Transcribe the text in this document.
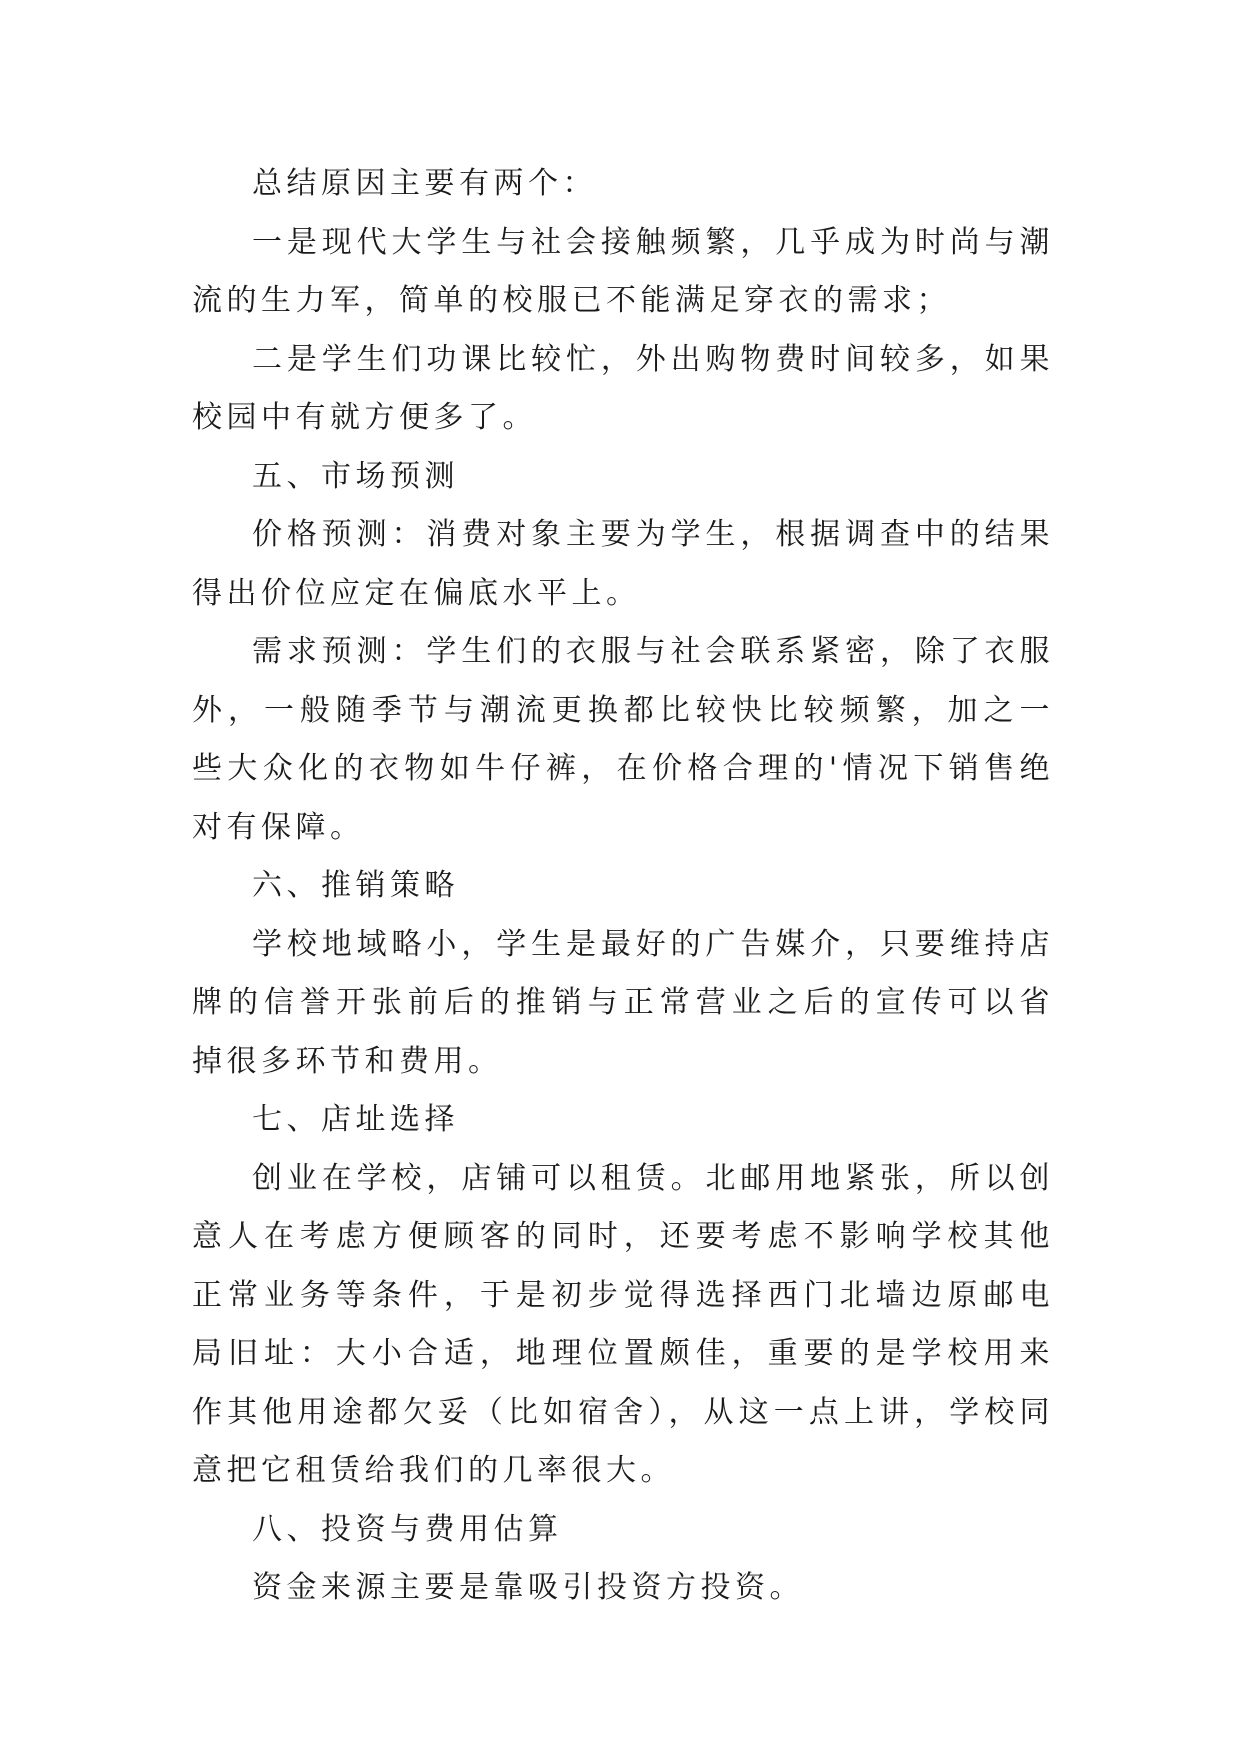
总结原因主要有两个：

一是现代大学生与社会接触频繁，几乎成为时尚与潮流的生力军，简单的校服已不能满足穿衣的需求；

二是学生们功课比较忙，外出购物费时间较多，如果校园中有就方便多了。

五、市场预测

价格预测：消费对象主要为学生，根据调查中的结果得出价位应定在偏底水平上。

需求预测：学生们的衣服与社会联系紧密，除了衣服外，一般随季节与潮流更换都比较快比较频繁，加之一些大众化的衣物如牛仔裤，在价格合理的'情况下销售绝对有保障。

六、推销策略

学校地域略小，学生是最好的广告媒介，只要维持店牌的信誉开张前后的推销与正常营业之后的宣传可以省掉很多环节和费用。

七、店址选择

创业在学校，店铺可以租赁。北邮用地紧张，所以创意人在考虑方便顾客的同时，还要考虑不影响学校其他正常业务等条件，于是初步觉得选择西门北墙边原邮电局旧址：大小合适，地理位置颇佳，重要的是学校用来作其他用途都欠妥（比如宿舍），从这一点上讲，学校同意把它租赁给我们的几率很大。

八、投资与费用估算

资金来源主要是靠吸引投资方投资。
